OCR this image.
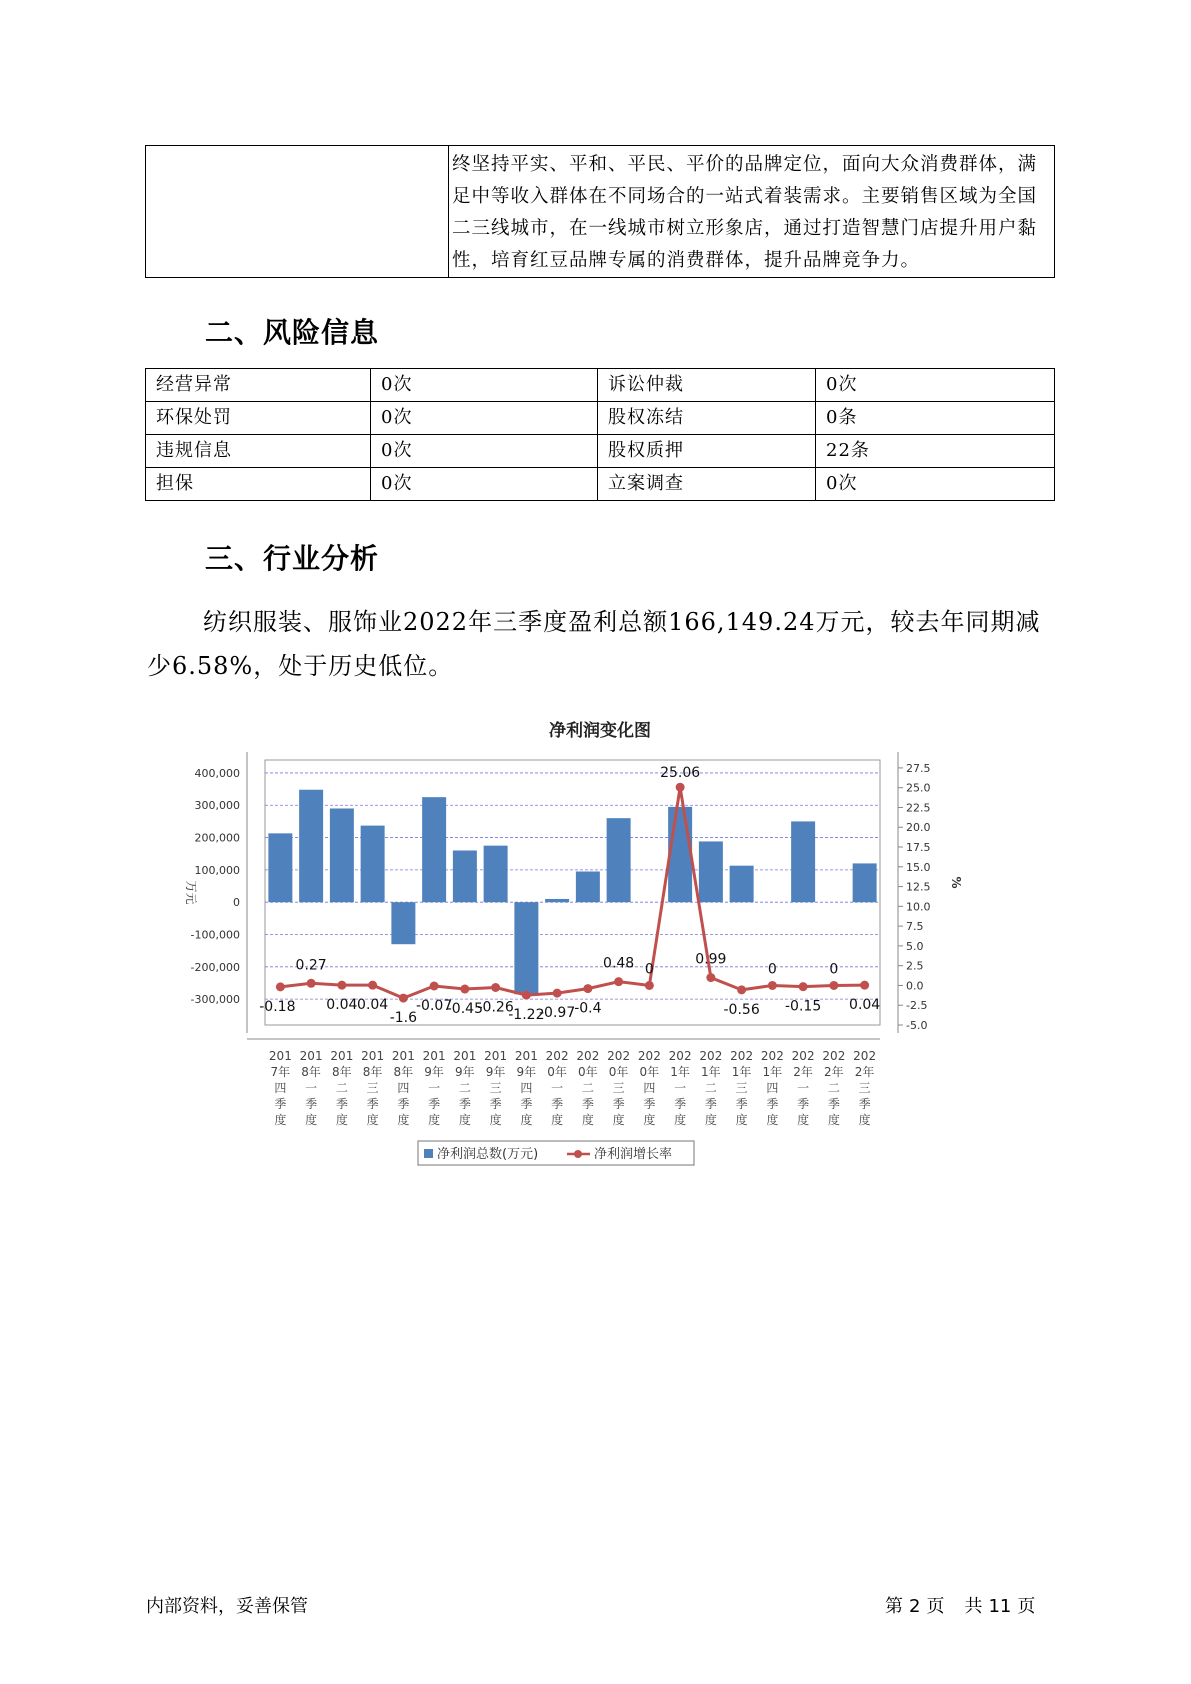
	终坚持平实、平和、平民、平价的品牌定位，面向大众消费群体，满足中等收入群体在不同场合的一站式着装需求。主要销售区域为全国二三线城市，在一线城市树立形象店，通过打造智慧门店提升用户黏性，培育红豆品牌专属的消费群体，提升品牌竞争力。
二、风险信息
经营异常	0次	诉讼仲裁	0次
环保处罚	0次	股权冻结	0条
违规信息	0次	股权质押	22条
担保	0次	立案调查	0次
三、行业分析

纺织服装、服饰业2022年三季度盈利总额166,149.24万元，较去年同期减少6.58%，处于历史低位。

净利润变化图
400,000
300,000
200,000
100,000
0
-100,000
-200,000
-300,000
27.5
25.0
22.5
20.0
17.5
15.0
12.5
10.0
7.5
5.0
2.5
0.0
-2.5
-5.0
万元	%
-0.18
0.27
0.04 0.04
-1.6
-0.07
-0.45
-0.26
-1.22
-0.97
-0.4
0.48 0
25.06
0.99
-0.56
0
-0.15
0
0.04
201
7年
四
季
度
201
8年
一
季
度
201
8年
二
季
度
201
8年
三
季
度
201
8年
四
季
度
201
9年
一
季
度
201
9年
二
季
度
201
9年
三
季
度
201
9年
四
季
度
202
0年
一
季
度
202
0年
二
季
度
202
0年
三
季
度
202
0年
四
季
度
202
1年
一
季
度
202
1年
二
季
度
202
1年
三
季
度
202
1年
四
季
度
202
2年
一
季
度
202
2年
二
季
度
202
2年
三
季
度
净利润总数(万元)	净利润增长率
内部资料，妥善保管	第 2 页 共 11 页
